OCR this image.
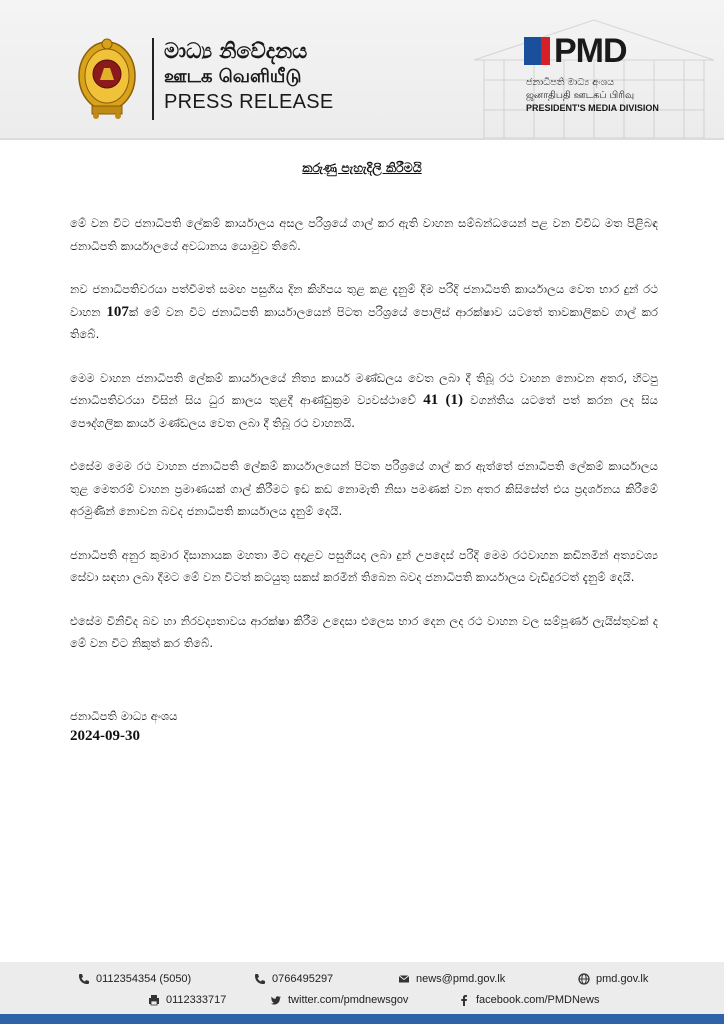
මාධ්‍ය නිවේදනය
ஊடக வெளியீடு
PRESS RELEASE
PMD
ජනාධිපති මාධ්‍ය අංශය
ஜனாதிபதி ஊடகப் பிரிவு
PRESIDENT'S MEDIA DIVISION
කරුණු පැහැදිලි කිරීමයි

මේ වන විට ජනාධිපති ලේකම් කාර්යාලය අසල පරිශ්‍රයේ ගාල් කර ඇති වාහන සම්බන්ධයෙන් පළ වන විවිධ මත පිළිබඳ ජනාධිපති කාර්යාලයේ අවධානය යොමුව තිබේ.

නව ජනාධිපතිවරයා පත්වීමත් සමඟ පසුගිය දින කිහිපය තුළ කළ දැනුම් දීම පරිදි ජනාධිපති කාර්යාලය වෙත භාර දුන් රථ වාහන 107ක් මේ වන විට ජනාධිපති කාර්යාලයෙන් පිටත පරිශ්‍රයේ පොලිස් ආරක්ෂාව යටතේ තාවකාලිකව ගාල් කර තිබේ.

මෙම වාහන ජනාධිපති ලේකම් කාර්යාලයේ නිත්‍ය කාර්ය මණ්ඩලය වෙත ලබා දී තිබූ රථ වාහන නොවන අතර, හිටපු ජනාධිපතිවරයා විසින් සිය ධුර කාලය තුළදී ආණ්ඩුක්‍රම ව්‍යවස්ථාවේ 41 (1) වගන්තිය යටතේ පත් කරන ලද සිය පෞද්ගලික කාර්ය මණ්ඩලය වෙත ලබා දී තිබූ රථ වාහනයි.

එසේම මෙම රථ වාහන ජනාධිපති ලේකම් කාර්යාලයෙන් පිටත පරිශ්‍රයේ ගාල් කර ඇත්තේ ජනාධිපති ලේකම් කාර්යාලය තුළ මෙතරම් වාහන ප්‍රමාණයක් ගාල් කිරීමට ඉඩ කඩ නොමැති නිසා පමණක් වන අතර කිසිසේත් එය ප්‍රදර්ශනය කිරීමේ අරමුණින් නොවන බවද ජනාධිපති කාර්යාලය දැනුම් දෙයි.

ජනාධිපති අනුර කුමාර දිසානායක මහතා මීට අදාළව පසුගියදා ලබා දුන් උපදෙස් පරිදි මෙම රථවාහන කඩිනමින් අත්‍යවශ්‍ය සේවා සඳහා ලබා දීමට මේ වන විටත් කටයුතු සකස් කරමින් තිබෙන බවද ජනාධිපති කාර්යාලය වැඩිදුරටත් දැනුම් දෙයි.

එසේම විනිවිද බව හා නිරවද්‍යතාවය ආරක්ෂා කිරීම උදෙසා එලෙස භාර දෙන ලද රථ වාහන වල සම්පූර්ණ ලැයිස්තුවක් ද මේ වන විට නිකුත් කර තිබේ.

ජනාධිපති මාධ්‍ය අංශය
2024-09-30
0112354354 (5050)	0766495297	news@pmd.gov.lk	pmd.gov.lk
0112333717	twitter.com/pmdnewsgov	facebook.com/PMDNews
